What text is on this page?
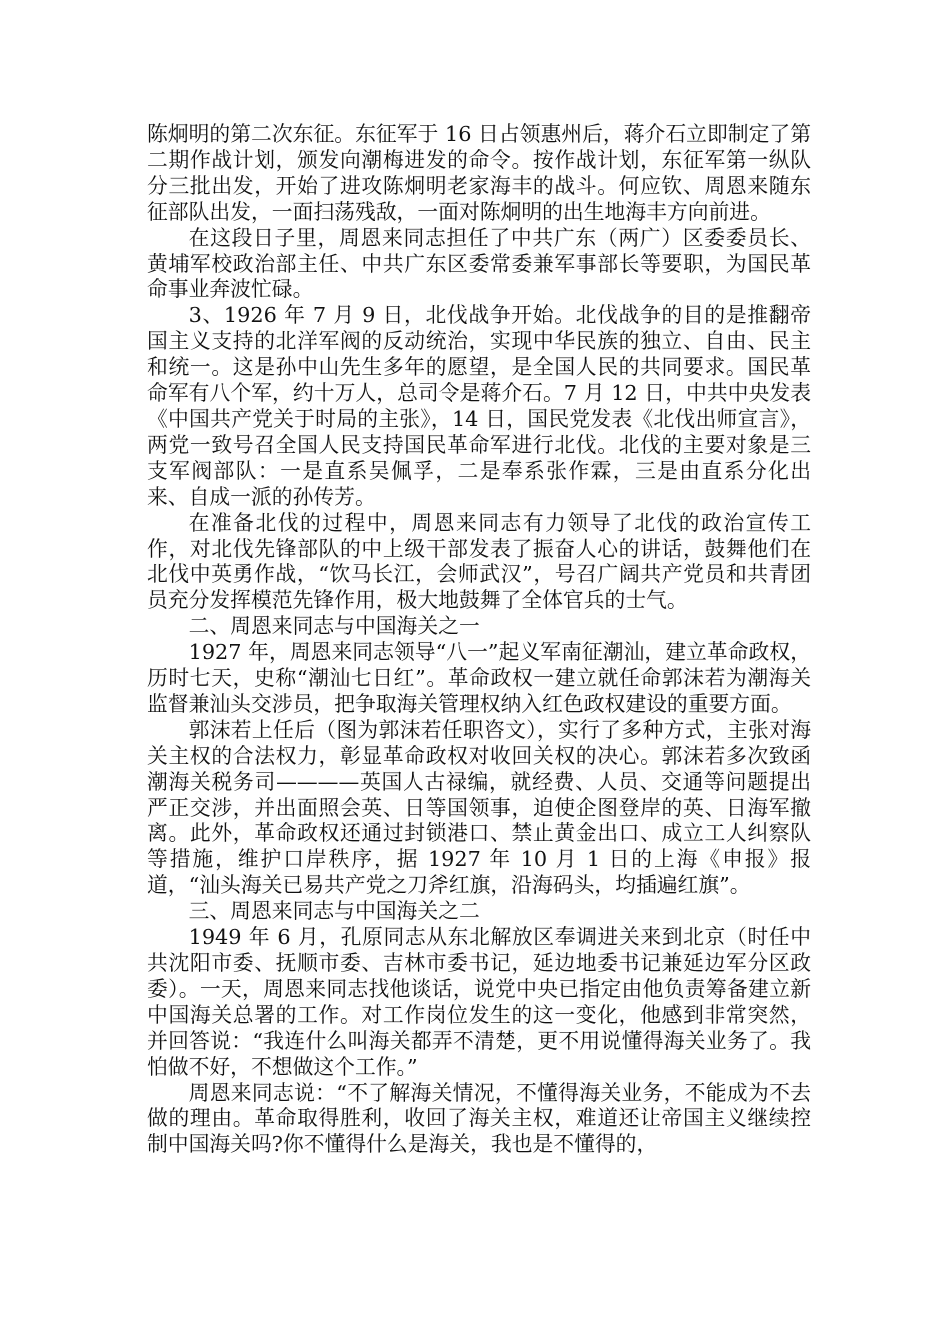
陈炯明的第二次东征。东征军于 16 日占领惠州后，蒋介石立即制定了第二期作战计划，颁发向潮梅进发的命令。按作战计划，东征军第一纵队分三批出发，开始了进攻陈炯明老家海丰的战斗。何应钦、周恩来随东征部队出发，一面扫荡残敌，一面对陈炯明的出生地海丰方向前进。

在这段日子里，周恩来同志担任了中共广东（两广）区委委员长、黄埔军校政治部主任、中共广东区委常委兼军事部长等要职，为国民革命事业奔波忙碌。

3、1926 年 7 月 9 日，北伐战争开始。北伐战争的目的是推翻帝国主义支持的北洋军阀的反动统治，实现中华民族的独立、自由、民主和统一。这是孙中山先生多年的愿望，是全国人民的共同要求。国民革命军有八个军，约十万人，总司令是蒋介石。7 月 12 日，中共中央发表《中国共产党关于时局的主张》，14 日，国民党发表《北伐出师宣言》，两党一致号召全国人民支持国民革命军进行北伐。北伐的主要对象是三支军阀部队：一是直系吴佩孚，二是奉系张作霖，三是由直系分化出来、自成一派的孙传芳。

在准备北伐的过程中，周恩来同志有力领导了北伐的政治宣传工作，对北伐先锋部队的中上级干部发表了振奋人心的讲话，鼓舞他们在北伐中英勇作战，“饮马长江，会师武汉”，号召广阔共产党员和共青团员充分发挥模范先锋作用，极大地鼓舞了全体官兵的士气。

二、周恩来同志与中国海关之一

1927 年，周恩来同志领导“八一”起义军南征潮汕，建立革命政权，历时七天，史称“潮汕七日红”。革命政权一建立就任命郭沫若为潮海关监督兼汕头交涉员，把争取海关管理权纳入红色政权建设的重要方面。

郭沫若上任后（图为郭沫若任职咨文），实行了多种方式，主张对海关主权的合法权力，彰显革命政权对收回关权的决心。郭沫若多次致函潮海关税务司————英国人古禄编，就经费、人员、交通等问题提出严正交涉，并出面照会英、日等国领事，迫使企图登岸的英、日海军撤离。此外，革命政权还通过封锁港口、禁止黄金出口、成立工人纠察队等措施，维护口岸秩序，据 1927 年 10 月 1 日的上海《申报》报道，“汕头海关已易共产党之刀斧红旗，沿海码头，均插遍红旗”。

三、周恩来同志与中国海关之二

1949 年 6 月，孔原同志从东北解放区奉调进关来到北京（时任中共沈阳市委、抚顺市委、吉林市委书记，延边地委书记兼延边军分区政委）。一天，周恩来同志找他谈话，说党中央已指定由他负责筹备建立新中国海关总署的工作。对工作岗位发生的这一变化，他感到非常突然，并回答说：“我连什么叫海关都弄不清楚，更不用说懂得海关业务了。我怕做不好，不想做这个工作。”

周恩来同志说：“不了解海关情况，不懂得海关业务，不能成为不去做的理由。革命取得胜利，收回了海关主权，难道还让帝国主义继续控制中国海关吗?你不懂得什么是海关，我也是不懂得的，
